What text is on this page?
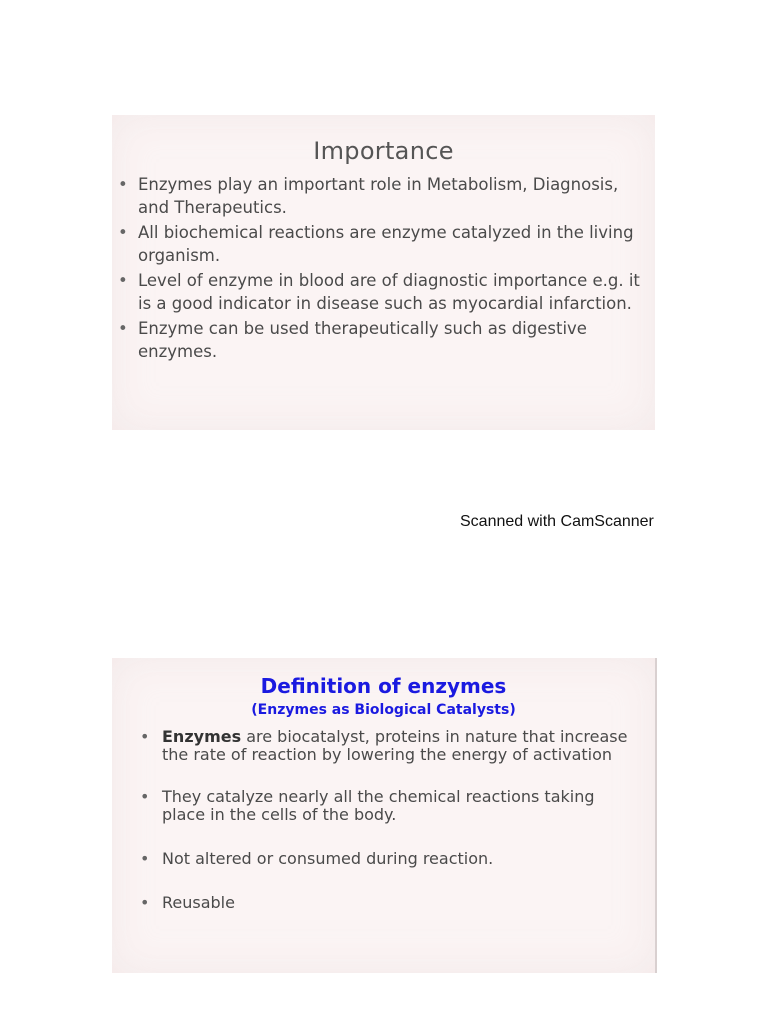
Importance
• Enzymes play an important role in Metabolism, Diagnosis, and Therapeutics.
• All biochemical reactions are enzyme catalyzed in the living organism.
• Level of enzyme in blood are of diagnostic importance e.g. it is a good indicator in disease such as myocardial infarction.
• Enzyme can be used therapeutically such as digestive enzymes.
Scanned with CamScanner
Definition of enzymes
(Enzymes as Biological Catalysts)
• Enzymes are biocatalyst, proteins in nature that increase the rate of reaction by lowering the energy of activation
• They catalyze nearly all the chemical reactions taking place in the cells of the body.
• Not altered or consumed during reaction.
• Reusable
